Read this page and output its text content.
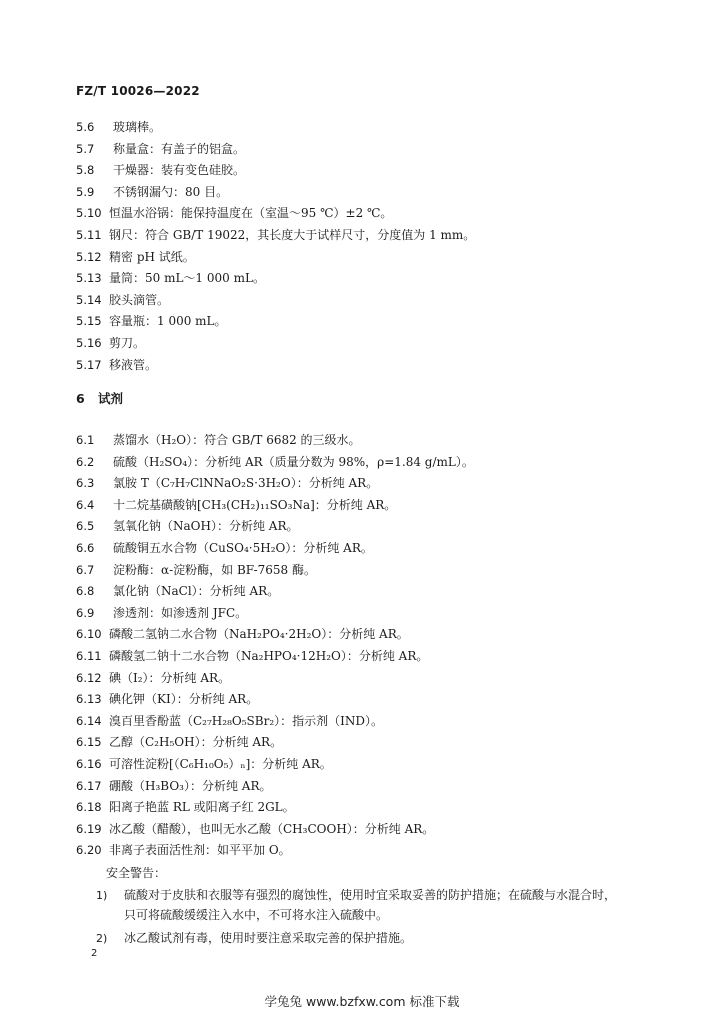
FZ/T 10026—2022
5.6 玻璃棒。
5.7 称量盒：有盖子的铝盒。
5.8 干燥器：装有变色硅胶。
5.9 不锈钢漏勺：80 目。
5.10 恒温水浴锅：能保持温度在（室温～95 ℃）±2 ℃。
5.11 钢尺：符合 GB/T 19022，其长度大于试样尺寸，分度值为 1 mm。
5.12 精密 pH 试纸。
5.13 量筒：50 mL～1 000 mL。
5.14 胶头滴管。
5.15 容量瓶：1 000 mL。
5.16 剪刀。
5.17 移液管。
6 试剂
6.1 蒸馏水（H₂O）：符合 GB/T 6682 的三级水。
6.2 硫酸（H₂SO₄）：分析纯 AR（质量分数为 98%，ρ=1.84 g/mL）。
6.3 氯胺 T（C₇H₇ClNNaO₂S·3H₂O）：分析纯 AR。
6.4 十二烷基磺酸钠[CH₃(CH₂)₁₁SO₃Na]：分析纯 AR。
6.5 氢氧化钠（NaOH）：分析纯 AR。
6.6 硫酸铜五水合物（CuSO₄·5H₂O）：分析纯 AR。
6.7 淀粉酶：α-淀粉酶，如 BF-7658 酶。
6.8 氯化钠（NaCl）：分析纯 AR。
6.9 渗透剂：如渗透剂 JFC。
6.10 磷酸二氢钠二水合物（NaH₂PO₄·2H₂O）：分析纯 AR。
6.11 磷酸氢二钠十二水合物（Na₂HPO₄·12H₂O）：分析纯 AR。
6.12 碘（I₂）：分析纯 AR。
6.13 碘化钾（KI）：分析纯 AR。
6.14 溴百里香酚蓝（C₂₇H₂₈O₅SBr₂）：指示剂（IND）。
6.15 乙醇（C₂H₅OH）：分析纯 AR。
6.16 可溶性淀粉[（C₆H₁₀O₅）ₙ]：分析纯 AR。
6.17 硼酸（H₃BO₃）：分析纯 AR。
6.18 阳离子艳蓝 RL 或阳离子红 2GL。
6.19 冰乙酸（醋酸），也叫无水乙酸（CH₃COOH）：分析纯 AR。
6.20 非离子表面活性剂：如平平加 O。
安全警告：
1) 硫酸对于皮肤和衣服等有强烈的腐蚀性，使用时宜采取妥善的防护措施；在硫酸与水混合时，
只可将硫酸缓缓注入水中，不可将水注入硫酸中。
2) 冰乙酸试剂有毒，使用时要注意采取完善的保护措施。
2
学兔兔 www.bzfxw.com 标准下载
